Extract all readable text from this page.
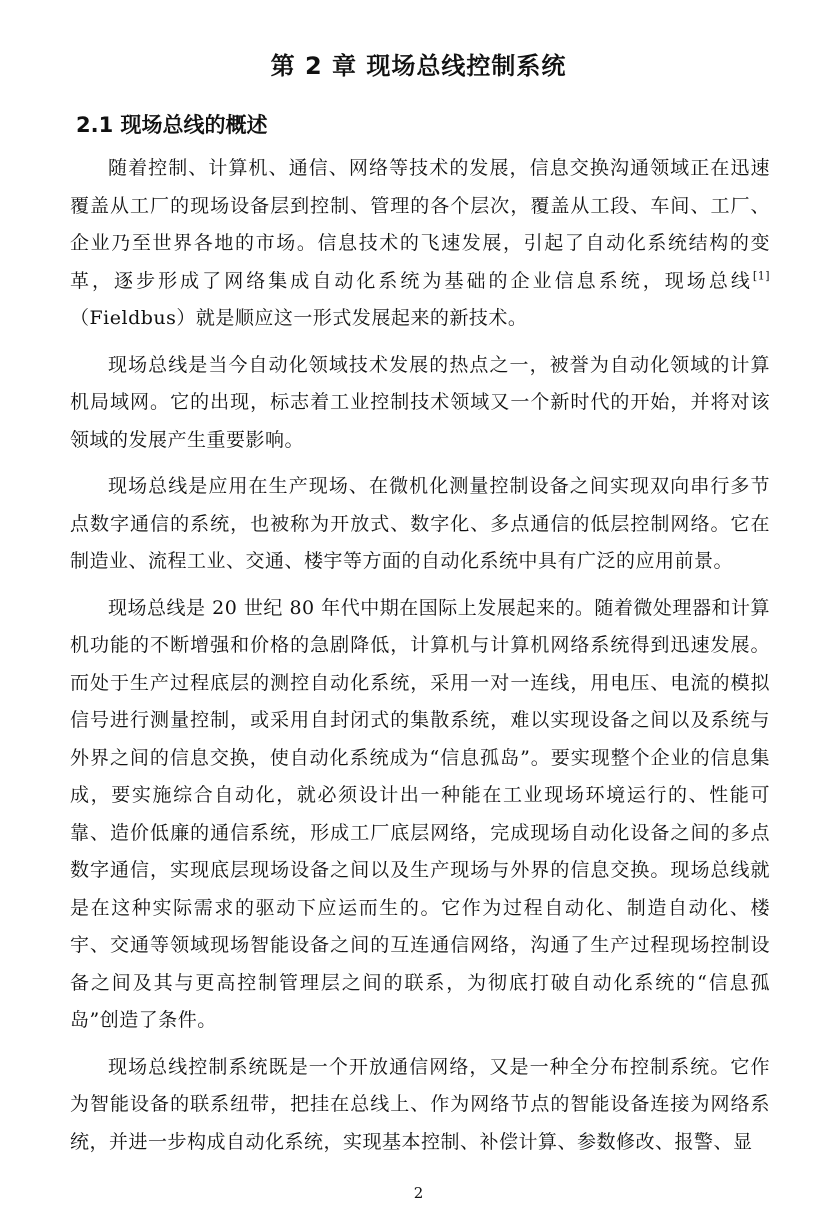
第 2 章 现场总线控制系统
2.1 现场总线的概述

随着控制、计算机、通信、网络等技术的发展，信息交换沟通领域正在迅速覆盖从工厂的现场设备层到控制、管理的各个层次，覆盖从工段、车间、工厂、企业乃至世界各地的市场。信息技术的飞速发展，引起了自动化系统结构的变革，逐步形成了网络集成自动化系统为基础的企业信息系统，现场总线[1]（Fieldbus）就是顺应这一形式发展起来的新技术。

现场总线是当今自动化领域技术发展的热点之一，被誉为自动化领域的计算机局域网。它的出现，标志着工业控制技术领域又一个新时代的开始，并将对该领域的发展产生重要影响。

现场总线是应用在生产现场、在微机化测量控制设备之间实现双向串行多节点数字通信的系统，也被称为开放式、数字化、多点通信的低层控制网络。它在制造业、流程工业、交通、楼宇等方面的自动化系统中具有广泛的应用前景。

现场总线是 20 世纪 80 年代中期在国际上发展起来的。随着微处理器和计算机功能的不断增强和价格的急剧降低，计算机与计算机网络系统得到迅速发展。而处于生产过程底层的测控自动化系统，采用一对一连线，用电压、电流的模拟信号进行测量控制，或采用自封闭式的集散系统，难以实现设备之间以及系统与外界之间的信息交换，使自动化系统成为“信息孤岛”。要实现整个企业的信息集成，要实施综合自动化，就必须设计出一种能在工业现场环境运行的、性能可靠、造价低廉的通信系统，形成工厂底层网络，完成现场自动化设备之间的多点数字通信，实现底层现场设备之间以及生产现场与外界的信息交换。现场总线就是在这种实际需求的驱动下应运而生的。它作为过程自动化、制造自动化、楼宇、交通等领域现场智能设备之间的互连通信网络，沟通了生产过程现场控制设备之间及其与更高控制管理层之间的联系，为彻底打破自动化系统的“信息孤岛”创造了条件。

现场总线控制系统既是一个开放通信网络，又是一种全分布控制系统。它作为智能设备的联系纽带，把挂在总线上、作为网络节点的智能设备连接为网络系统，并进一步构成自动化系统，实现基本控制、补偿计算、参数修改、报警、显

2
